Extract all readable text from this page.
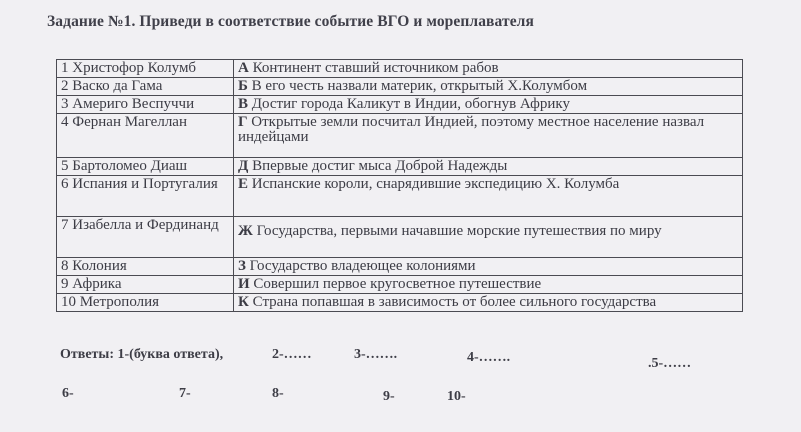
Задание №1. Приведи в соответствие событие ВГО и мореплавателя
1 Христофор Колумб	А Континент ставший источником рабов
2 Васко да Гама	Б В его честь назвали материк, открытый Х.Колумбом
3 Америго Веспуччи	В Достиг города Каликут в Индии, обогнув Африку
4 Фернан Магеллан	Г Открытые земли посчитал Индией, поэтому местное население назвал индейцами
5 Бартоломео Диаш	Д Впервые достиг мыса Доброй Надежды
6 Испания и Португалия	Е Испанские короли, снарядившие экспедицию Х. Колумба
7 Изабелла и Фердинанд	Ж Государства, первыми начавшие морские путешествия по миру
8 Колония	З Государство владеющее колониями
9 Африка	И Совершил первое кругосветное путешествие
10 Метрополия	К Страна попавшая в зависимость от более сильного государства
Ответы: 1-(буква ответа),	2-……	3-…….	4-…….	.5-……
6-	7-	8-	9-	10-
